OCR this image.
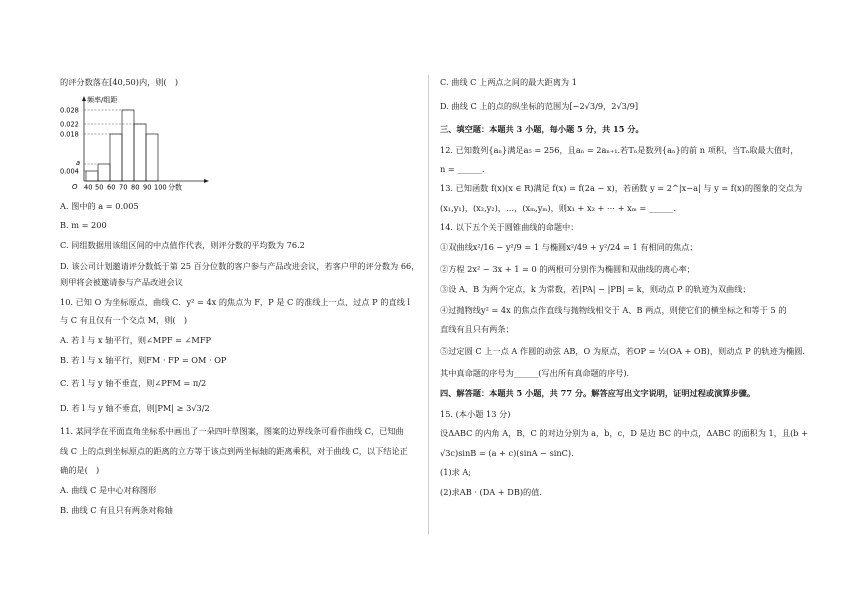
的评分数落在[40,50)内，则(　)
频率/组距
0.028
0.022
0.018
a
0.004
O 40 50 60 70 80 90 100 分数
A. 图中的 a = 0.005
B. m = 200
C. 同组数据用该组区间的中点值作代表，则评分数的平均数为 76.2
D. 该公司计划邀请评分数低于第 25 百分位数的客户参与产品改进会议，若客户甲的评分数为 66，
则甲将会被邀请参与产品改进会议
10. 已知 O 为坐标原点，曲线 C．y² = 4x 的焦点为 F，P 是 C 的准线上一点，过点 P 的直线 l
与 C 有且仅有一个交点 M，则(　)
A. 若 l 与 x 轴平行，则∠MPF = ∠MFP
B. 若 l 与 x 轴平行，则FM · FP = OM · OP
C. 若 l 与 y 轴不垂直，则∠PFM = π/2
D. 若 l 与 y 轴不垂直，则|PM| ≥ 3√3/2
11. 某同学在平面直角坐标系中画出了一朵四叶草图案，图案的边界线条可看作曲线 C，已知曲
线 C 上的点到坐标原点的距离的立方等于该点到两坐标轴的距离乘积，对于曲线 C，以下结论正
确的是(　)
A. 曲线 C 是中心对称图形
B. 曲线 C 有且只有两条对称轴
C. 曲线 C 上两点之间的最大距离为 1
D. 曲线 C 上的点的纵坐标的范围为[−2√3/9，2√3/9]
三、填空题：本题共 3 小题，每小题 5 分，共 15 分。
12. 已知数列{aₙ}满足a₅ = 256，且aₙ = 2aₙ₊₁.若Tₙ是数列{aₙ}的前 n 项积，当Tₙ取最大值时，
n = ______.
13. 已知函数 f(x)(x ∈ R)满足 f(x) = f(2a − x)，若函数 y = 2^|x−a| 与 y = f(x)的图象的交点为
(x₁,y₁)，(x₂,y₂)，…，(xₘ,yₘ)，则x₁ + x₂ + ⋯ + xₘ = ______.
14. 以下五个关于圆锥曲线的命题中：
①双曲线x²/16 − y²/9 = 1 与椭圆x²/49 + y²/24 = 1 有相同的焦点；
②方程 2x² − 3x + 1 = 0 的两根可分别作为椭圆和双曲线的离心率；
③设 A、B 为两个定点，k 为常数，若|PA| − |PB| = k，则动点 P 的轨迹为双曲线；
④过抛物线y² = 4x 的焦点作直线与抛物线相交于 A、B 两点，则使它们的横坐标之和等于 5 的
直线有且只有两条；
⑤过定圆 C 上一点 A 作圆的动弦 AB，O 为原点，若OP = ½(OA + OB)，则动点 P 的轨迹为椭圆.
其中真命题的序号为______(写出所有真命题的序号).
四、解答题：本题共 5 小题，共 77 分。解答应写出文字说明，证明过程或演算步骤。
15. (本小题 13 分)
设ΔABC 的内角 A，B，C 的对边分别为 a，b，c，D 是边 BC 的中点，ΔABC 的面积为 1，且(b +
√3c)sinB = (a + c)(sinA − sinC).
(1)求 A;
(2)求AB · (DA + DB)的值.
